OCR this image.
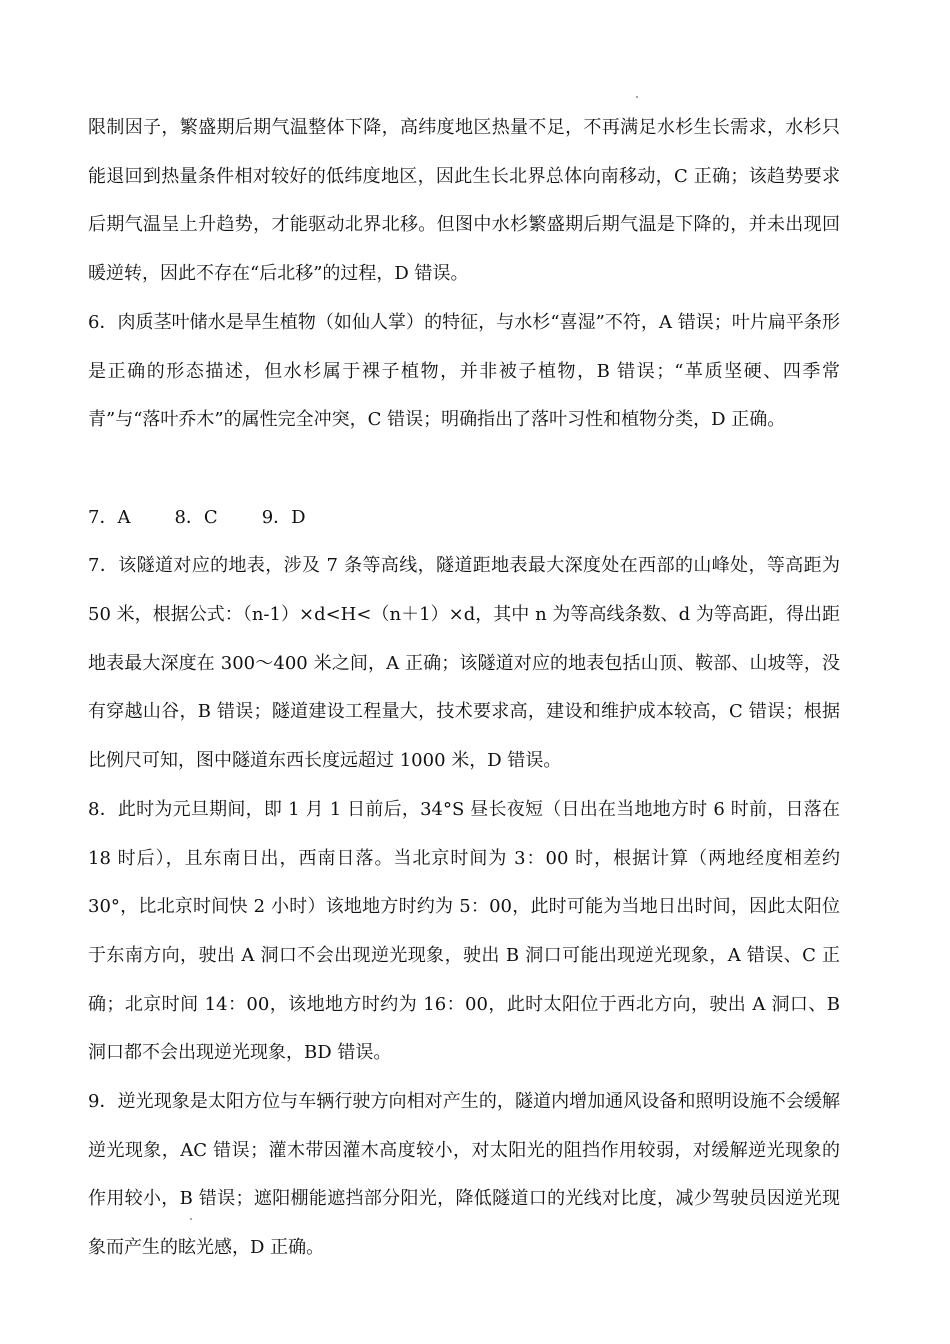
限制因子，繁盛期后期气温整体下降，高纬度地区热量不足，不再满足水杉生长需求，水杉只能退回到热量条件相对较好的低纬度地区，因此生长北界总体向南移动，C 正确；该趋势要求后期气温呈上升趋势，才能驱动北界北移。但图中水杉繁盛期后期气温是下降的，并未出现回暖逆转，因此不存在“后北移”的过程，D 错误。

6．肉质茎叶储水是旱生植物（如仙人掌）的特征，与水杉“喜湿”不符，A 错误；叶片扁平条形是正确的形态描述，但水杉属于裸子植物，并非被子植物，B 错误；“革质坚硬、四季常青”与“落叶乔木”的属性完全冲突，C 错误；明确指出了落叶习性和植物分类，D 正确。

7．A 8．C 9．D

7．该隧道对应的地表，涉及 7 条等高线，隧道距地表最大深度处在西部的山峰处，等高距为 50 米，根据公式：（n-1）×d<H<（n＋1）×d，其中 n 为等高线条数、d 为等高距，得出距地表最大深度在 300～400 米之间，A 正确；该隧道对应的地表包括山顶、鞍部、山坡等，没有穿越山谷，B 错误；隧道建设工程量大，技术要求高，建设和维护成本较高，C 错误；根据比例尺可知，图中隧道东西长度远超过 1000 米，D 错误。

8．此时为元旦期间，即 1 月 1 日前后，34°S 昼长夜短（日出在当地地方时 6 时前，日落在 18 时后），且东南日出，西南日落。当北京时间为 3：00 时，根据计算（两地经度相差约 30°，比北京时间快 2 小时）该地地方时约为 5：00，此时可能为当地日出时间，因此太阳位于东南方向，驶出 A 洞口不会出现逆光现象，驶出 B 洞口可能出现逆光现象，A 错误、C 正确；北京时间 14：00，该地地方时约为 16：00，此时太阳位于西北方向，驶出 A 洞口、B 洞口都不会出现逆光现象，BD 错误。

9．逆光现象是太阳方位与车辆行驶方向相对产生的，隧道内增加通风设备和照明设施不会缓解逆光现象，AC 错误；灌木带因灌木高度较小，对太阳光的阻挡作用较弱，对缓解逆光现象的作用较小，B 错误；遮阳棚能遮挡部分阳光，降低隧道口的光线对比度，减少驾驶员因逆光现象而产生的眩光感，D 正确。
